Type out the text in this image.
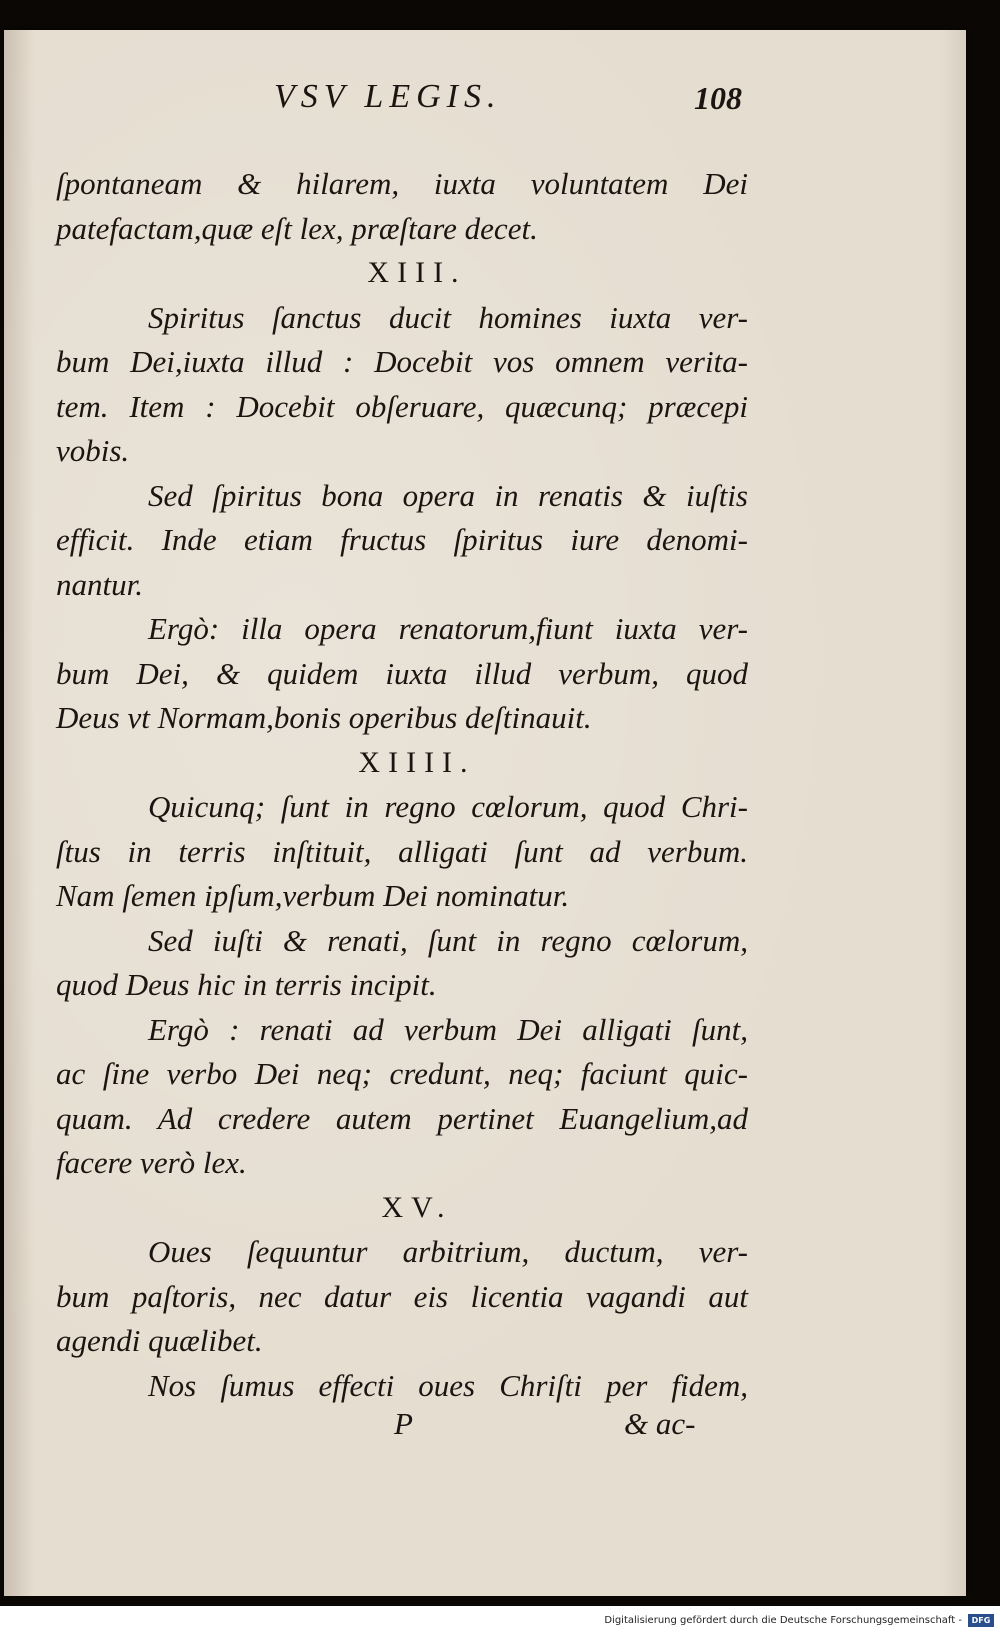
VSV LEGIS.	108
ſpontaneam & hilarem, iuxta voluntatem Dei
patefactam,quæ eſt lex, præſtare decet.
XIII.
Spiritus ſanctus ducit homines iuxta ver-
bum Dei,iuxta illud : Docebit vos omnem verita-
tem. Item : Docebit obſeruare, quæcunq; præcepi
vobis.
Sed ſpiritus bona opera in renatis & iuſtis
efficit. Inde etiam fructus ſpiritus iure denomi-
nantur.
Ergò: illa opera renatorum,fiunt iuxta ver-
bum Dei, & quidem iuxta illud verbum, quod
Deus vt Normam,bonis operibus deſtinauit.
XIIII.
Quicunq; ſunt in regno cœlorum, quod Chri-
ſtus in terris inſtituit, alligati ſunt ad verbum.
Nam ſemen ipſum,verbum Dei nominatur.
Sed iuſti & renati, ſunt in regno cœlorum,
quod Deus hic in terris incipit.
Ergò : renati ad verbum Dei alligati ſunt,
ac ſine verbo Dei neq; credunt, neq; faciunt quic-
quam. Ad credere autem pertinet Euangelium,ad
facere verò lex.
XV.
Oues ſequuntur arbitrium, ductum, ver-
bum paſtoris, nec datur eis licentia vagandi aut
agendi quælibet.
Nos ſumus effecti oues Chriſti per fidem,
P	& ac-
Digitalisierung gefördert durch die Deutsche Forschungsgemeinschaft -	DFG
